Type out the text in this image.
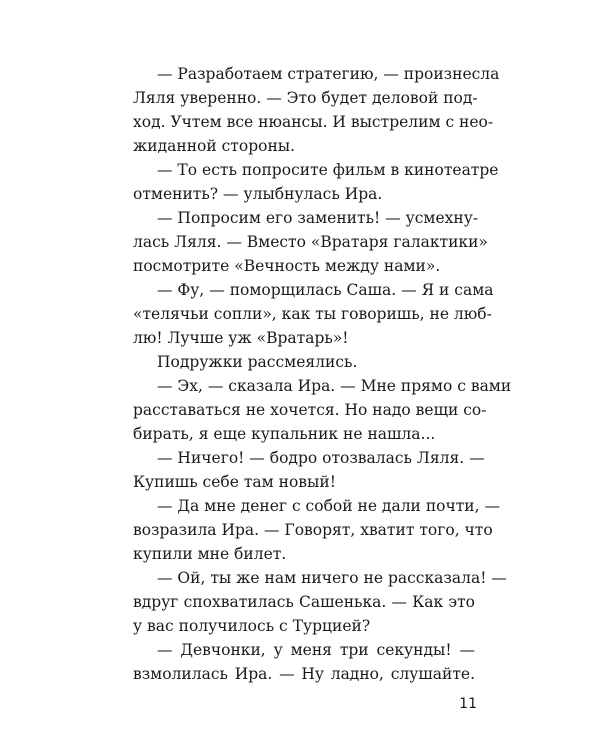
— Разработаем стратегию, — произнесла
Ляля уверенно. — Это будет деловой под-
ход. Учтем все нюансы. И выстрелим с нео-
жиданной стороны.
— То есть попросите фильм в кинотеатре
отменить? — улыбнулась Ира.
— Попросим его заменить! — усмехну-
лась Ляля. — Вместо «Вратаря галактики»
посмотрите «Вечность между нами».
— Фу, — поморщилась Саша. — Я и сама
«телячьи сопли», как ты говоришь, не люб-
лю! Лучше уж «Вратарь»!
Подружки рассмеялись.
— Эх, — сказала Ира. — Мне прямо с вами
расставаться не хочется. Но надо вещи со-
бирать, я еще купальник не нашла...
— Ничего! — бодро отозвалась Ляля. —
Купишь себе там новый!
— Да мне денег с собой не дали почти, —
возразила Ира. — Говорят, хватит того, что
купили мне билет.
— Ой, ты же нам ничего не рассказала! —
вдруг спохватилась Сашенька. — Как это
у вас получилось с Турцией?
— Девчонки, у меня три секунды! —
взмолилась Ира. — Ну ладно, слушайте.
11
